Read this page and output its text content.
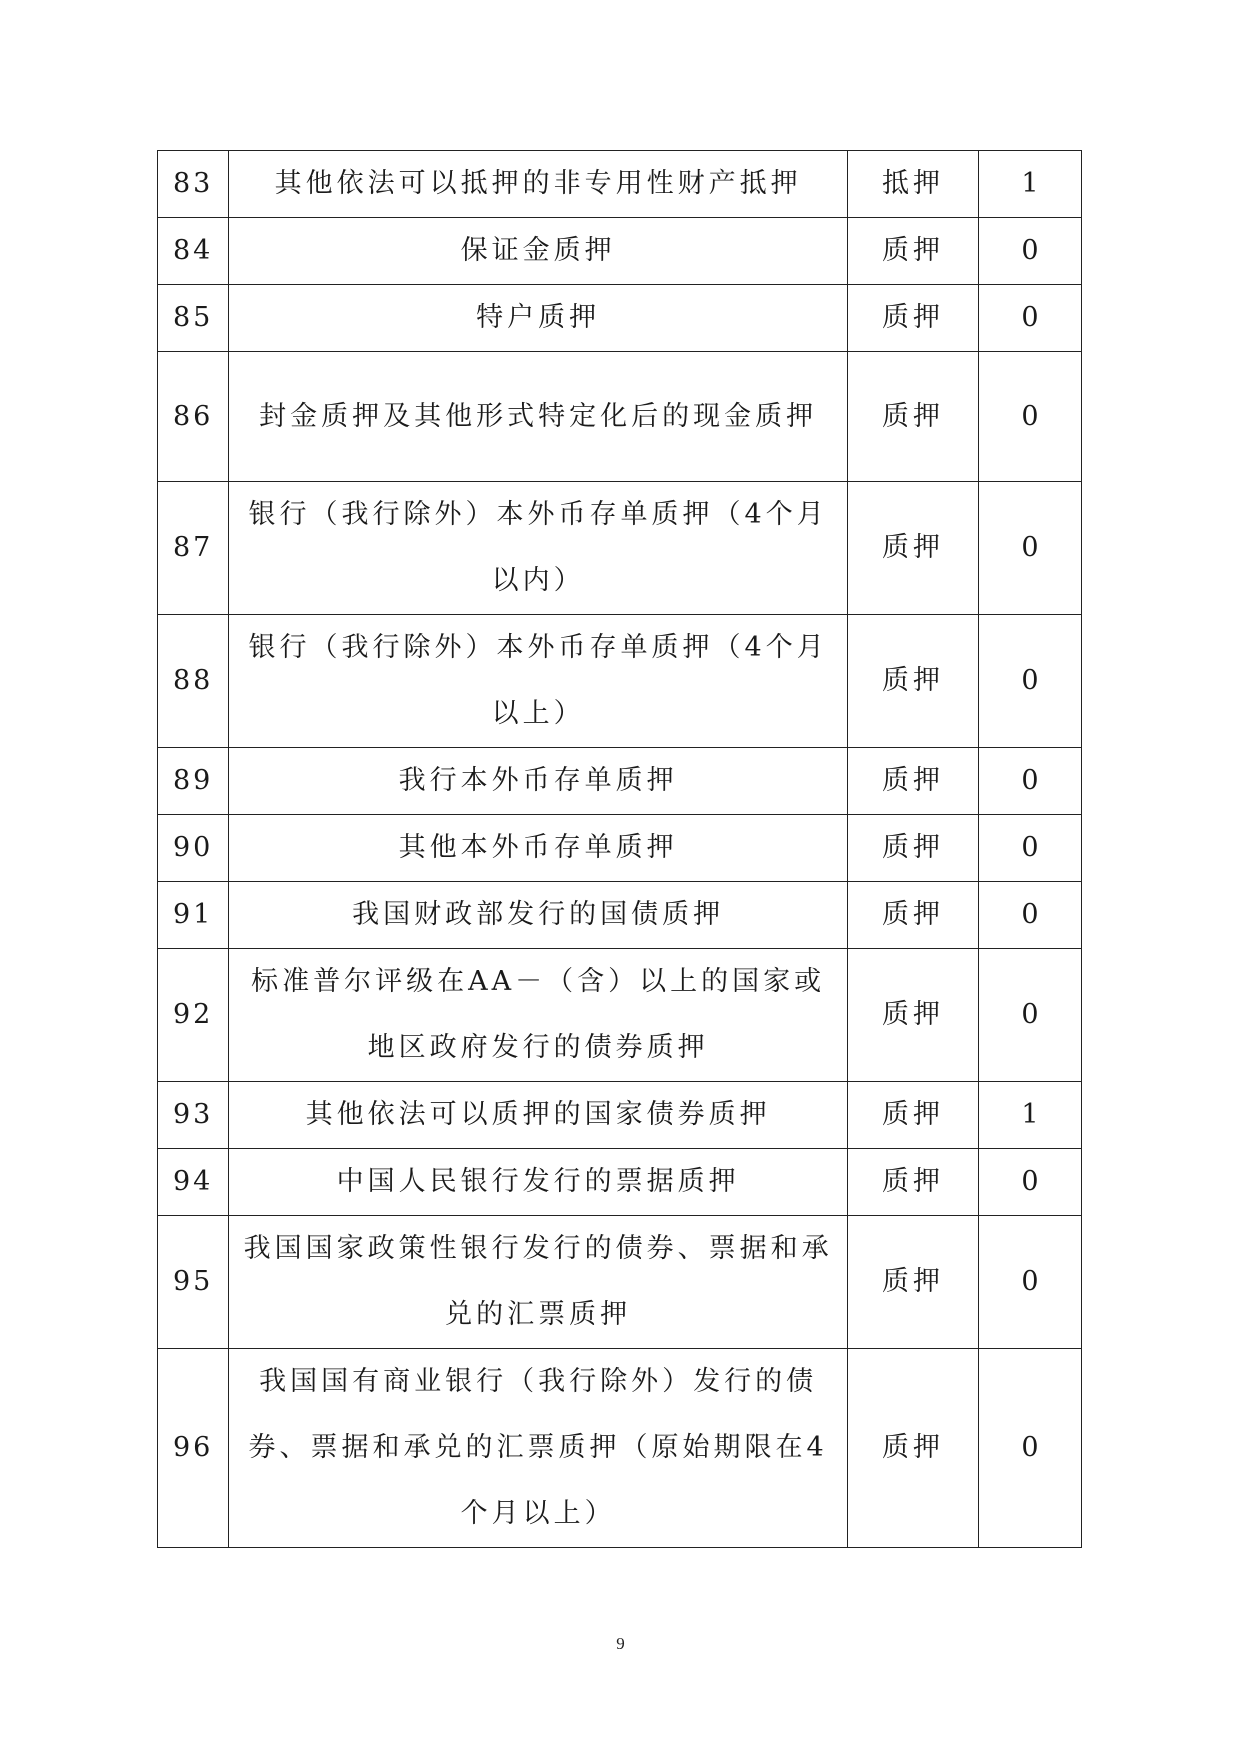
83	其他依法可以抵押的非专用性财产抵押	抵押	1
84	保证金质押	质押	0
85	特户质押	质押	0
86	封金质押及其他形式特定化后的现金质押	质押	0
87	银行（我行除外）本外币存单质押（4个月以内）	质押	0
88	银行（我行除外）本外币存单质押（4个月以上）	质押	0
89	我行本外币存单质押	质押	0
90	其他本外币存单质押	质押	0
91	我国财政部发行的国债质押	质押	0
92	标准普尔评级在AA－（含）以上的国家或地区政府发行的债券质押	质押	0
93	其他依法可以质押的国家债券质押	质押	1
94	中国人民银行发行的票据质押	质押	0
95	我国国家政策性银行发行的债券、票据和承兑的汇票质押	质押	0
96	我国国有商业银行（我行除外）发行的债券、票据和承兑的汇票质押（原始期限在4个月以上）	质押	0
9
